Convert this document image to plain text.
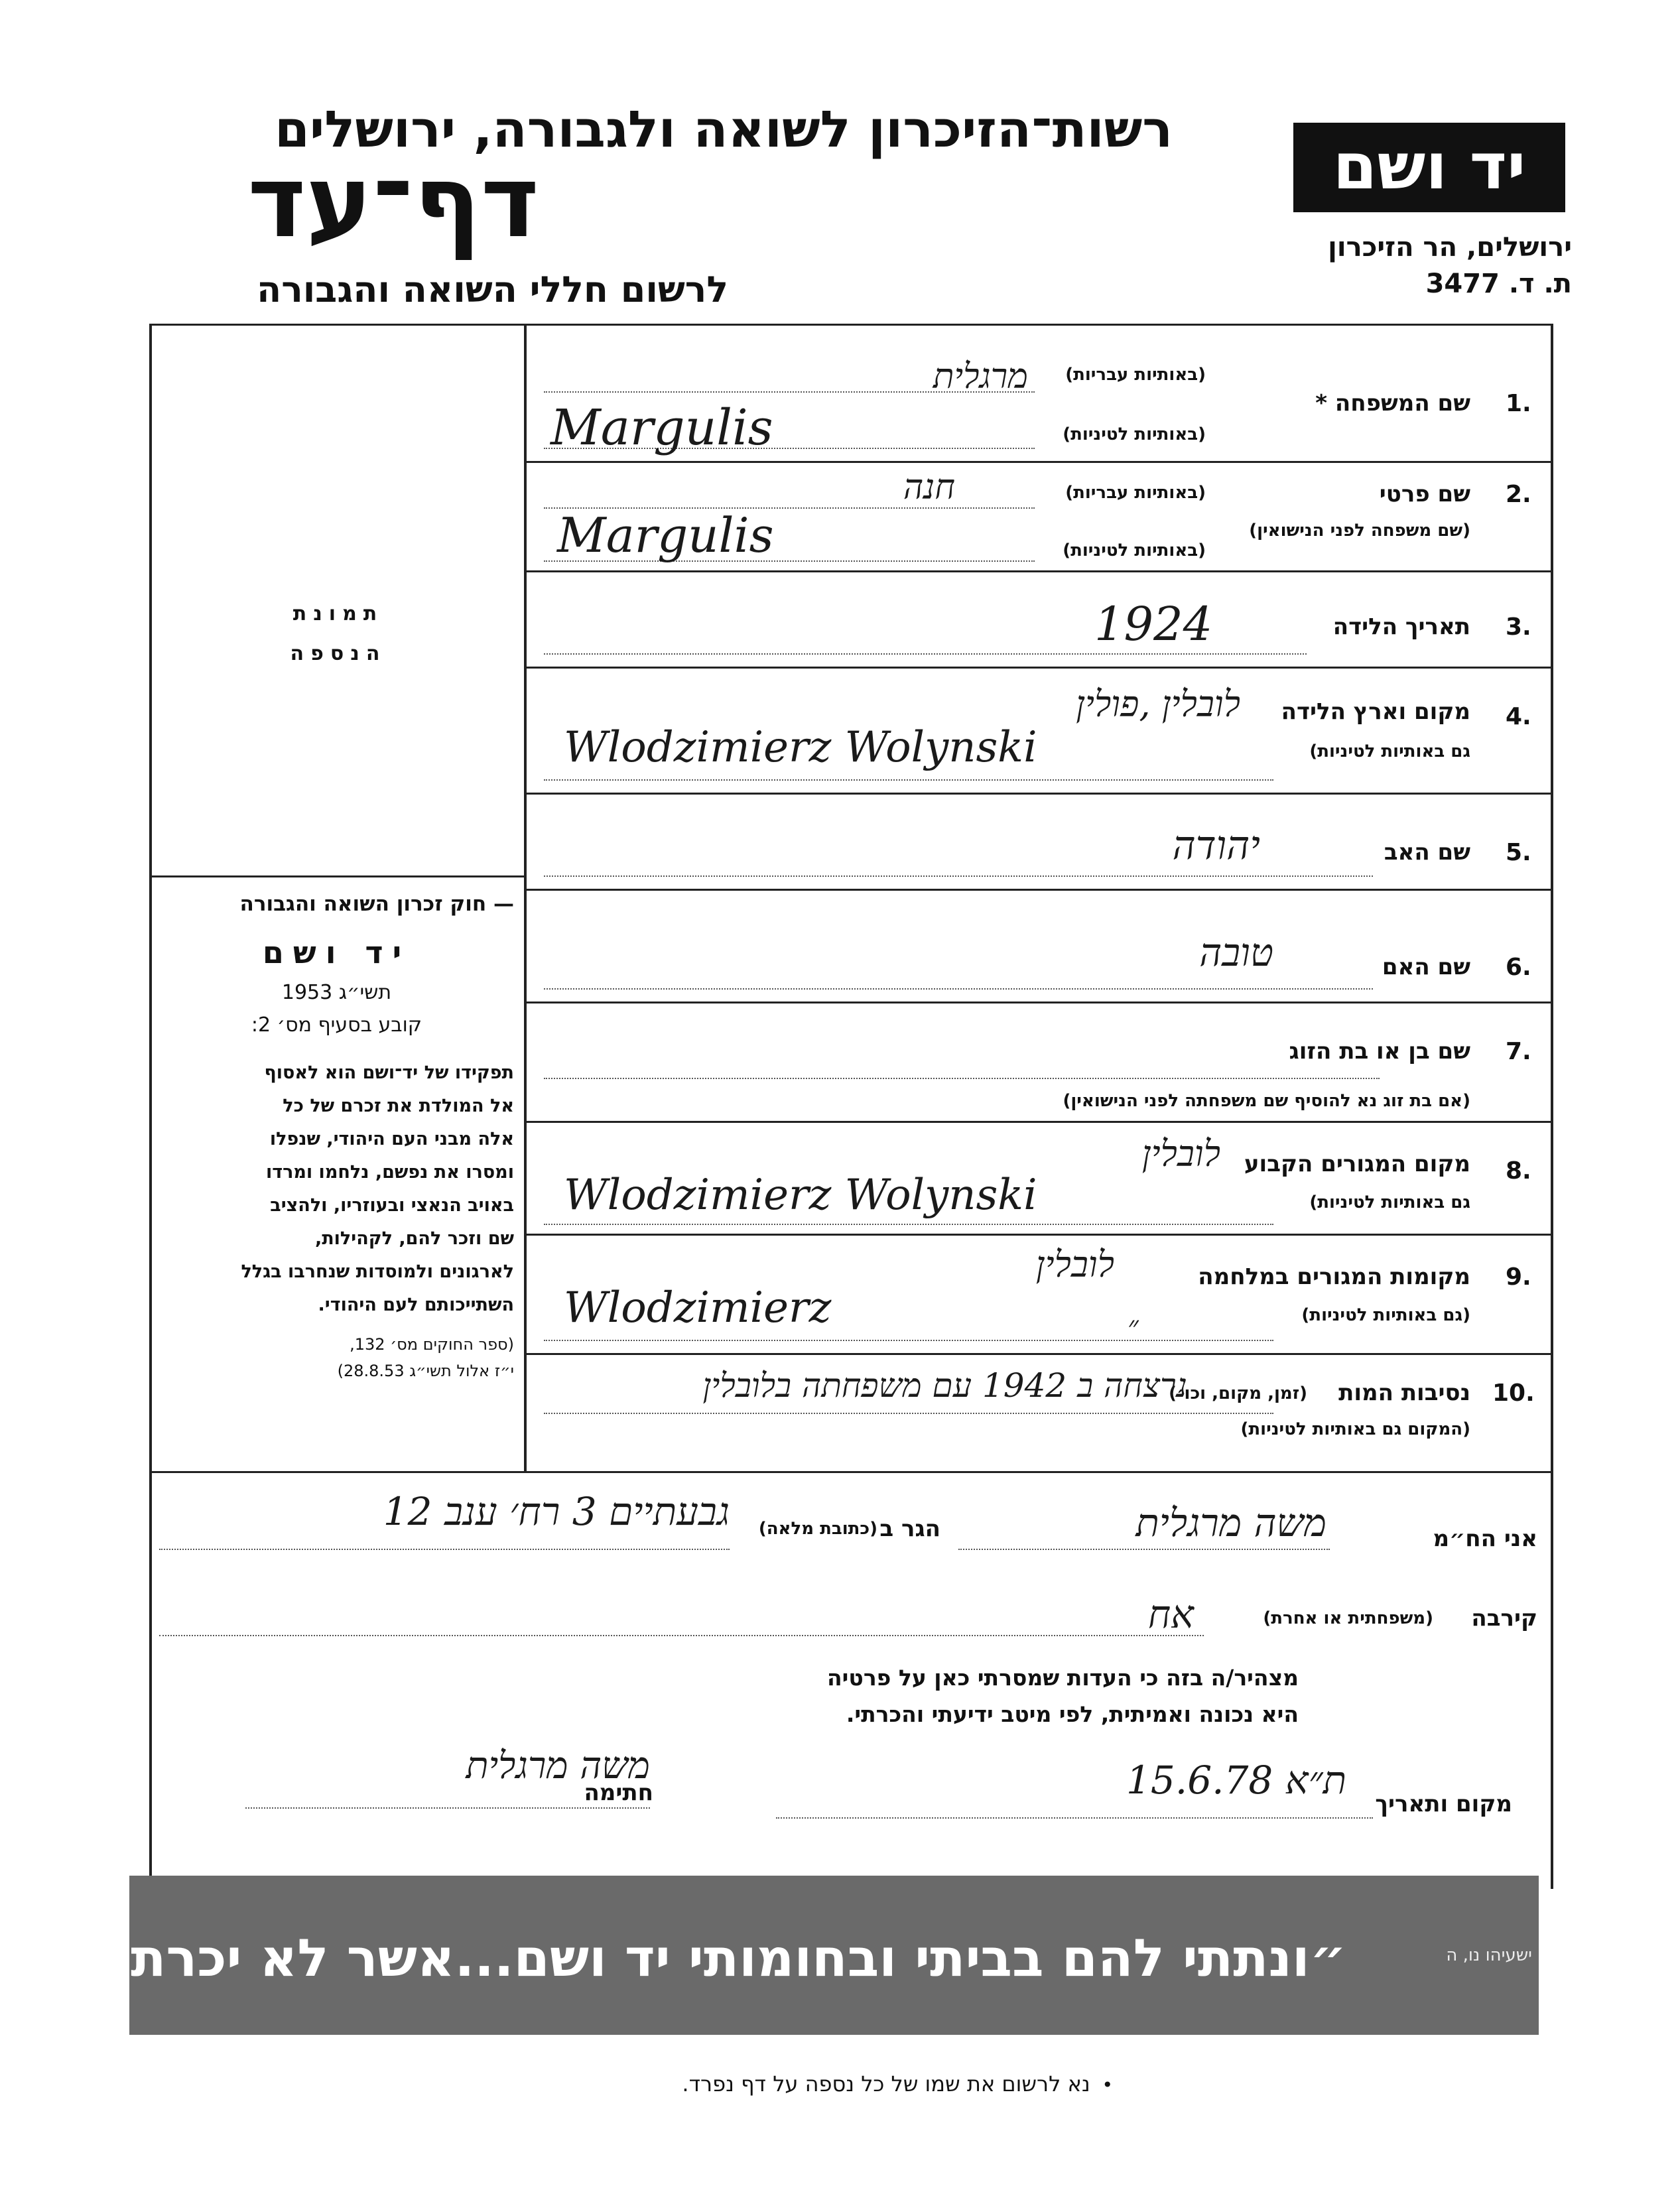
רשות־הזיכרון לשואה ולגבורה, ירושלים
דף־עד
לרשום חללי השואה והגבורה
יד ושם
ירושלים, הר הזיכרון
ת. ד. 3477
תמונת
הנספה
— חוק זכרון השואה והגבורה
יד ושם
תשי״ג 1953
קובע בסעיף מס׳ 2:
תפקידו של יד־ושם הוא לאסוף
אל המולדת את זכרם של כל
אלה מבני העם היהודי, שנפלו
ומסרו את נפשם, נלחמו ומרדו
באויב הנאצי ובעוזריו, ולהציב
שם וזכר להם, לקהילות,
לארגונים ולמוסדות שנחרבו בגלל
השתייכותם לעם היהודי.
(ספר החוקים מס׳ 132,
י״ז אלול תשי״ג 28.8.53)
1.
שם המשפחה *
(באותיות עבריות)
(באותיות לטיניות)
מרגלית
Margulis
2.
שם פרטי
(שם משפחה לפני הנישואין)
(באותיות עבריות)
(באותיות לטיניות)
חנה
Margulis
3.
תאריך הלידה
1924
4.
מקום וארץ הלידה
גם באותיות לטיניות)
לובלין ,פולין
Wlodzimierz Wolynski
5.
שם האב
יהודה
6.
שם האם
טובה
7.
שם בן או בת הזוג
(אם בת זוג נא להוסיף שם משפחתה לפני הנישואין)
8.
מקום המגורים הקבוע
גם באותיות לטיניות)
לובלין
Wlodzimierz Wolynski
9.
מקומות המגורים במלחמה
(גם באותיות לטיניות)
לובלין
Wlodzimierz	״
10.
נסיבות המות
(זמן, מקום, וכו׳)
(המקום גם באותיות לטיניות)
נרצחה ב 1942 עם משפחתה בלובלין
אני הח״מ
משה מרגלית
הגר ב
(כתובת מלאה)
גבעתיים 3 רח׳ ענב 12
קירבה
(משפחתית או אחרת)
אח
מצהיר/ה בזה כי העדות שמסרתי כאן על פרטיה
היא נכונה ואמיתית, לפי מיטב ידיעתי והכרתי.
מקום ותאריך
ת״א 15.6.78
חתימה
משה מרגלית
״ונתתי להם בביתי ובחומותי יד ושם...אשר לא יכרת״.	ישעיהו נו, ה
•  נא לרשום את שמו של כל נספה על דף נפרד.
